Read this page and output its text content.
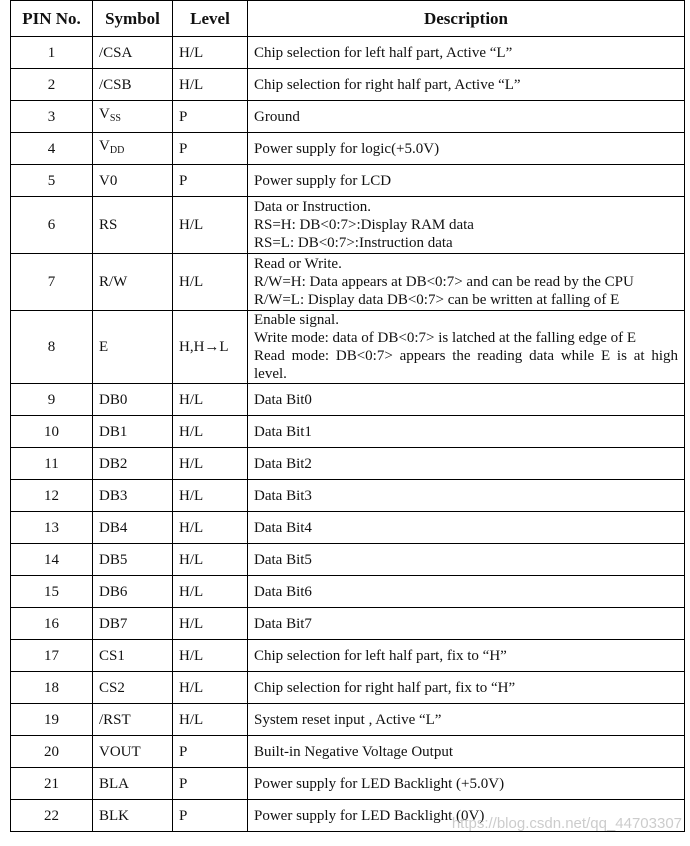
PIN No.	Symbol	Level	Description
1	/CSA	H/L	Chip selection for left half part, Active “L”

2	/CSB	H/L	Chip selection for right half part, Active “L”

3	$V_{SS}$	P	Ground

4	$V_{DD}$	P	Power supply for logic(+5.0V)

5	V0	P	Power supply for LCD

6	RS	H/L	Data or Instruction.
RS=H: DB<0:7>:Display RAM data
RS=L: DB<0:7>:Instruction data

7	R/W	H/L	Read or Write.
R/W=H: Data appears at DB<0:7> and can be read by the CPU
R/W=L: Display data DB<0:7> can be written at falling of E

8	E	H,H→L	Enable signal.
Write mode: data of DB<0:7> is latched at the falling edge of E
Read mode: DB<0:7> appears the reading data while E is at high level.

9	DB0	H/L	Data Bit0

10	DB1	H/L	Data Bit1

11	DB2	H/L	Data Bit2

12	DB3	H/L	Data Bit3

13	DB4	H/L	Data Bit4

14	DB5	H/L	Data Bit5

15	DB6	H/L	Data Bit6

16	DB7	H/L	Data Bit7

17	CS1	H/L	Chip selection for left half part, fix to “H”

18	CS2	H/L	Chip selection for right half part, fix to “H”

19	/RST	H/L	System reset input , Active “L”

20	VOUT	P	Built-in Negative Voltage Output

21	BLA	P	Power supply for LED Backlight (+5.0V)

22	BLK	P	Power supply for LED Backlight (0V)
https://blog.csdn.net/qq_44703307
